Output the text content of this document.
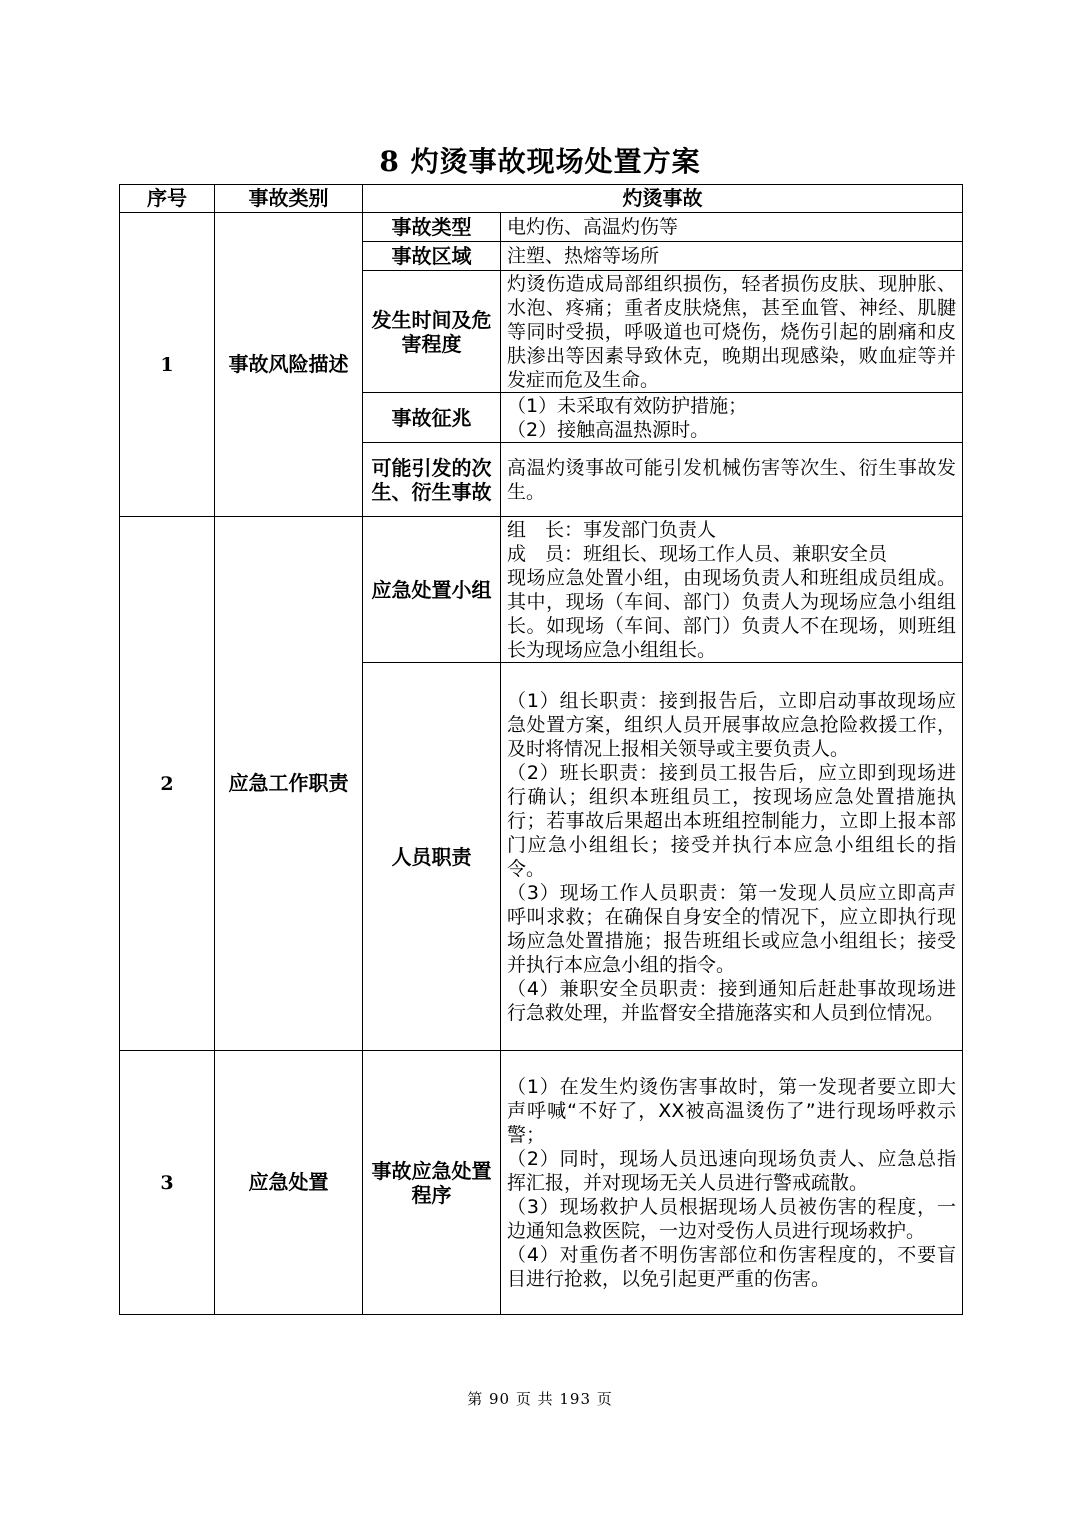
8 灼烫事故现场处置方案
序号	事故类别	灼烫事故	
1	事故风险描述	事故类型	电灼伤、高温灼伤等

		事故区域	注塑、热熔等场所

		发生时间及危害程度	灼烫伤造成局部组织损伤，轻者损伤皮肤、现肿胀、水泡、疼痛；重者皮肤烧焦，甚至血管、神经、肌腱等同时受损，呼吸道也可烧伤，烧伤引起的剧痛和皮肤渗出等因素导致休克，晚期出现感染，败血症等并发症而危及生命。

		事故征兆	（1）未采取有效防护措施；
（2）接触高温热源时。

		可能引发的次生、衍生事故	高温灼烫事故可能引发机械伤害等次生、衍生事故发生。

2	应急工作职责	应急处置小组	组　长：事发部门负责人
成　员：班组长、现场工作人员、兼职安全员
现场应急处置小组，由现场负责人和班组成员组成。其中，现场（车间、部门）负责人为现场应急小组组长。如现场（车间、部门）负责人不在现场，则班组长为现场应急小组组长。

		人员职责	（1）组长职责：接到报告后，立即启动事故现场应急处置方案，组织人员开展事故应急抢险救援工作，及时将情况上报相关领导或主要负责人。
（2）班长职责：接到员工报告后，应立即到现场进行确认；组织本班组员工，按现场应急处置措施执行；若事故后果超出本班组控制能力，立即上报本部门应急小组组长；接受并执行本应急小组组长的指令。
（3）现场工作人员职责：第一发现人员应立即高声呼叫求救；在确保自身安全的情况下，应立即执行现场应急处置措施；报告班组长或应急小组组长；接受并执行本应急小组的指令。
（4）兼职安全员职责：接到通知后赶赴事故现场进行急救处理，并监督安全措施落实和人员到位情况。

3	应急处置	事故应急处置程序	（1）在发生灼烫伤害事故时，第一发现者要立即大声呼喊“不好了，XX被高温烫伤了”进行现场呼救示警；
（2）同时，现场人员迅速向现场负责人、应急总指挥汇报，并对现场无关人员进行警戒疏散。
（3）现场救护人员根据现场人员被伤害的程度，一边通知急救医院，一边对受伤人员进行现场救护。
（4）对重伤者不明伤害部位和伤害程度的，不要盲目进行抢救，以免引起更严重的伤害。
第 90 页 共 193 页
